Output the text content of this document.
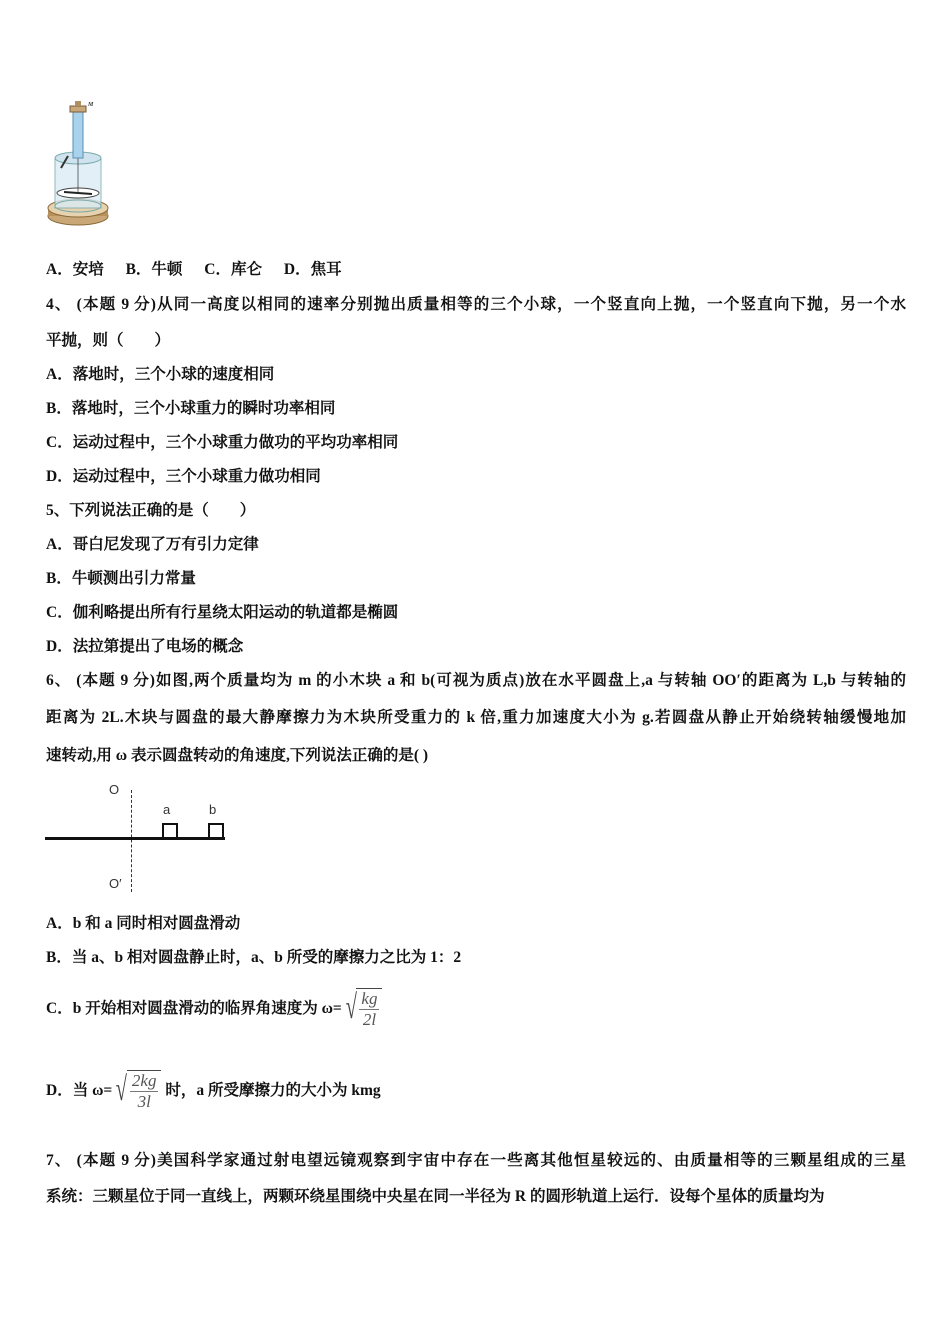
M
A．安培 B．牛顿 C．库仑 D．焦耳
4、 (本题 9 分)从同一高度以相同的速率分别抛出质量相等的三个小球，一个竖直向上抛，一个竖直向下抛，另一个水
平抛，则（　　）
A．落地时，三个小球的速度相同
B．落地时，三个小球重力的瞬时功率相同
C．运动过程中，三个小球重力做功的平均功率相同
D．运动过程中，三个小球重力做功相同
5、下列说法正确的是（　　）
A．哥白尼发现了万有引力定律
B．牛顿测出引力常量
C．伽利略提出所有行星绕太阳运动的轨道都是椭圆
D．法拉第提出了电场的概念
6、 (本题 9 分)如图,两个质量均为 m 的小木块 a 和 b(可视为质点)放在水平圆盘上,a 与转轴 OO′的距离为 L,b 与转轴的
距离为 2L.木块与圆盘的最大静摩擦力为木块所受重力的 k 倍,重力加速度大小为 g.若圆盘从静止开始绕转轴缓慢地加
速转动,用 ω 表示圆盘转动的角速度,下列说法正确的是( )
O
O′
a	b
A．b 和 a 同时相对圆盘滑动
B．当 a、b 相对圆盘静止时，a、b 所受的摩擦力之比为 1：2
C．b 开始相对圆盘滑动的临界角速度为 ω= √ $\frac{kg}{2l}$
D．当 ω= √ $\frac{2kg}{3l}$ 时，a 所受摩擦力的大小为 kmg
7、 (本题 9 分)美国科学家通过射电望远镜观察到宇宙中存在一些离其他恒星较远的、由质量相等的三颗星组成的三星
系统：三颗星位于同一直线上，两颗环绕星围绕中央星在同一半径为 R 的圆形轨道上运行．设每个星体的质量均为
